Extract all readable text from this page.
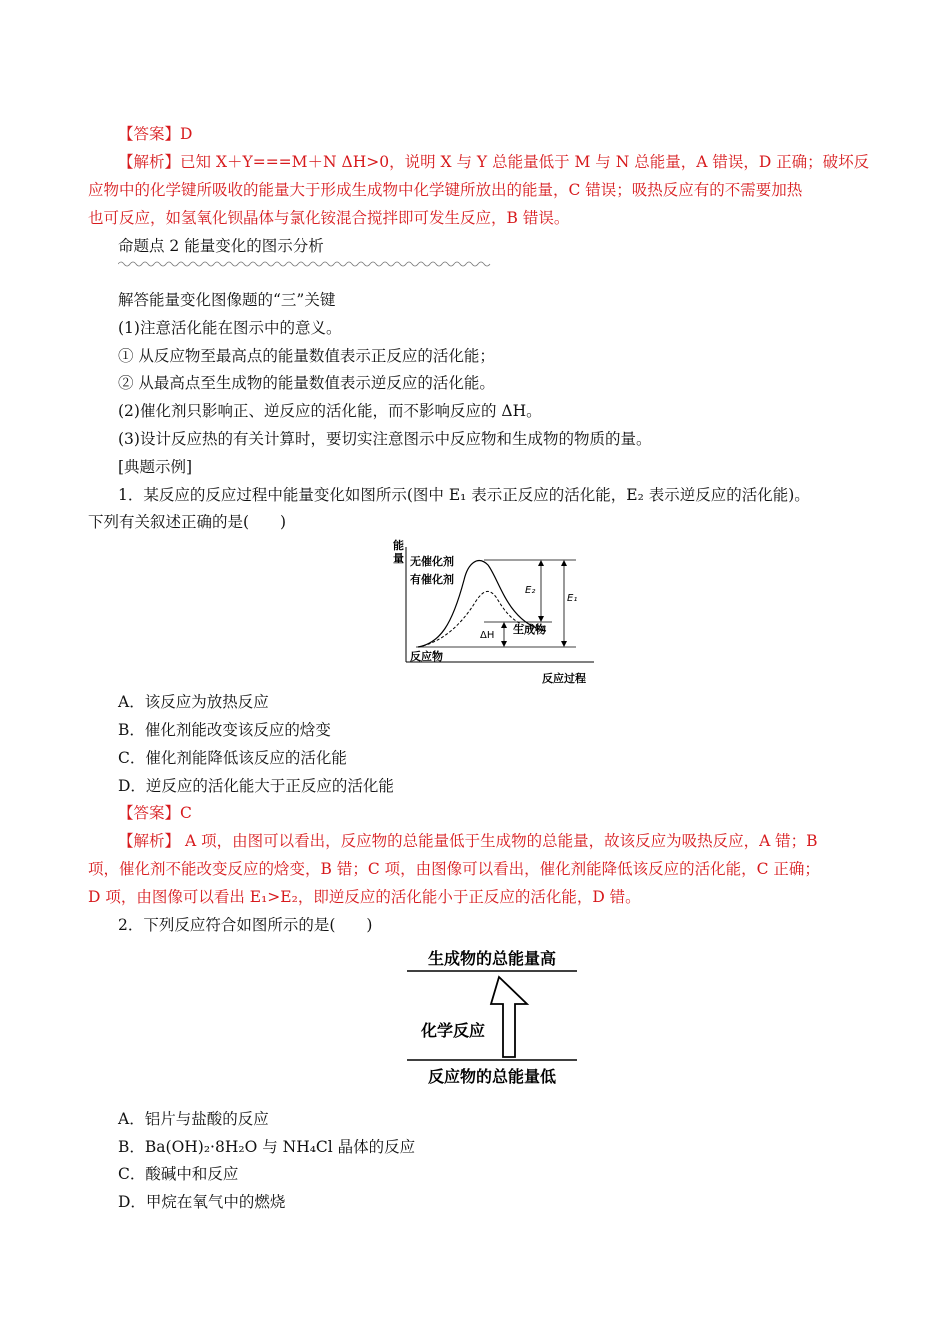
【答案】D
【解析】已知 X＋Y===M＋N ΔH>0，说明 X 与 Y 总能量低于 M 与 N 总能量，A 错误，D 正确；破坏反
应物中的化学键所吸收的能量大于形成生成物中化学键所放出的能量，C 错误；吸热反应有的不需要加热
也可反应，如氢氧化钡晶体与氯化铵混合搅拌即可发生反应，B 错误。
命题点 2 能量变化的图示分析
解答能量变化图像题的“三”关键
(1)注意活化能在图示中的意义。
① 从反应物至最高点的能量数值表示正反应的活化能；
② 从最高点至生成物的能量数值表示逆反应的活化能。
(2)催化剂只影响正、逆反应的活化能，而不影响反应的 ΔH。
(3)设计反应热的有关计算时，要切实注意图示中反应物和生成物的物质的量。
[典题示例]
1．某反应的反应过程中能量变化如图所示(图中 E₁ 表示正反应的活化能，E₂ 表示逆反应的活化能)。
下列有关叙述正确的是(　　)
能
量
反应过程
E₂
E₁
ΔH 生成物
反应物
无催化剂
有催化剂
A．该反应为放热反应
B．催化剂能改变该反应的焓变
C．催化剂能降低该反应的活化能
D．逆反应的活化能大于正反应的活化能
【答案】C
【解析】 A 项，由图可以看出，反应物的总能量低于生成物的总能量，故该反应为吸热反应，A 错；B
项，催化剂不能改变反应的焓变，B 错；C 项，由图像可以看出，催化剂能降低该反应的活化能，C 正确；
D 项，由图像可以看出 E₁>E₂，即逆反应的活化能小于正反应的活化能，D 错。
2．下列反应符合如图所示的是(　　)
生成物的总能量高
化学反应
反应物的总能量低
A．铝片与盐酸的反应
B．Ba(OH)₂·8H₂O 与 NH₄Cl 晶体的反应
C．酸碱中和反应
D．甲烷在氧气中的燃烧
